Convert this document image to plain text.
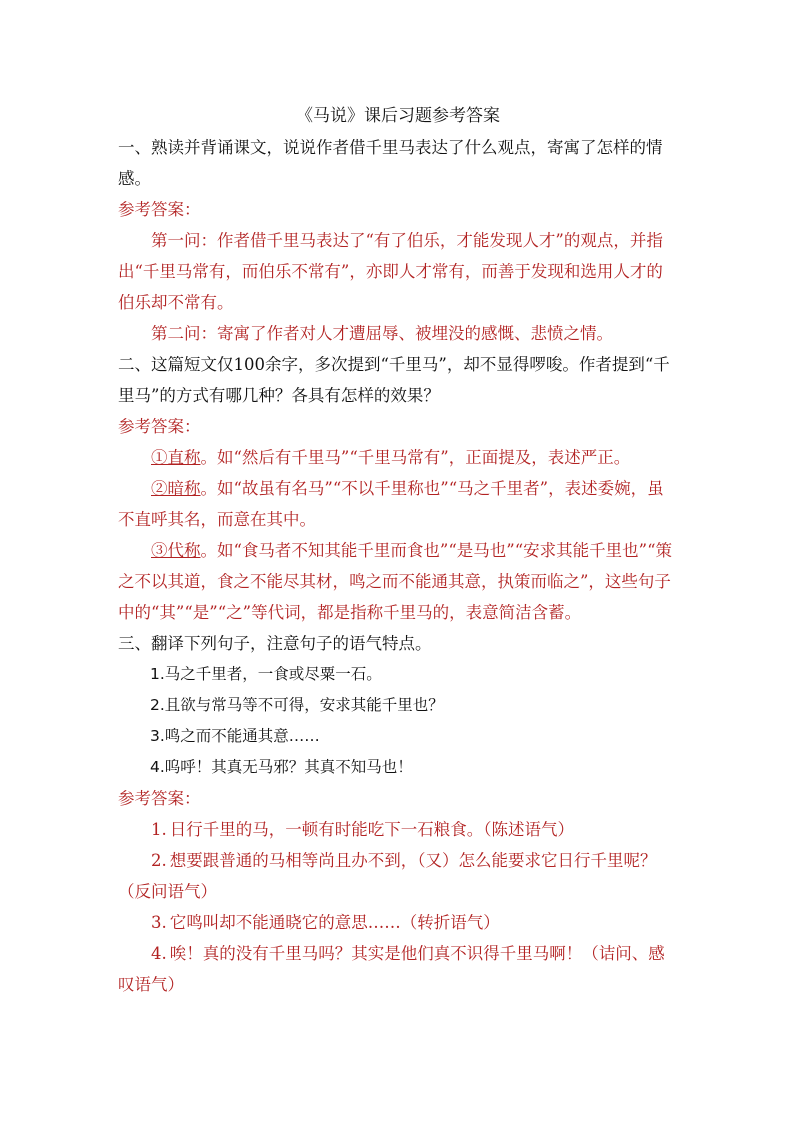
《马说》课后习题参考答案

一、熟读并背诵课文，说说作者借千里马表达了什么观点，寄寓了怎样的情感。

参考答案：

第一问：作者借千里马表达了“有了伯乐，才能发现人才”的观点，并指出“千里马常有，而伯乐不常有”，亦即人才常有，而善于发现和选用人才的伯乐却不常有。

第二问：寄寓了作者对人才遭屈辱、被埋没的感慨、悲愤之情。

二、这篇短文仅100余字，多次提到“千里马”，却不显得啰唆。作者提到“千里马”的方式有哪几种？各具有怎样的效果？

参考答案：

①直称。如“然后有千里马”“千里马常有”，正面提及，表述严正。

②暗称。如“故虽有名马”“不以千里称也”“马之千里者”，表述委婉，虽不直呼其名，而意在其中。

③代称。如“食马者不知其能千里而食也”“是马也”“安求其能千里也”“策之不以其道，食之不能尽其材，鸣之而不能通其意，执策而临之”，这些句子中的“其”“是”“之”等代词，都是指称千里马的，表意简洁含蓄。

三、翻译下列句子，注意句子的语气特点。

1.马之千里者，一食或尽粟一石。

2.且欲与常马等不可得，安求其能千里也？

3.鸣之而不能通其意……

4.呜呼！其真无马邪？其真不知马也！

参考答案：

1. 日行千里的马，一顿有时能吃下一石粮食。（陈述语气）

2. 想要跟普通的马相等尚且办不到，（又）怎么能要求它日行千里呢？（反问语气）

3. 它鸣叫却不能通晓它的意思……（转折语气）

4. 唉！真的没有千里马吗？其实是他们真不识得千里马啊！（诘问、感叹语气）
